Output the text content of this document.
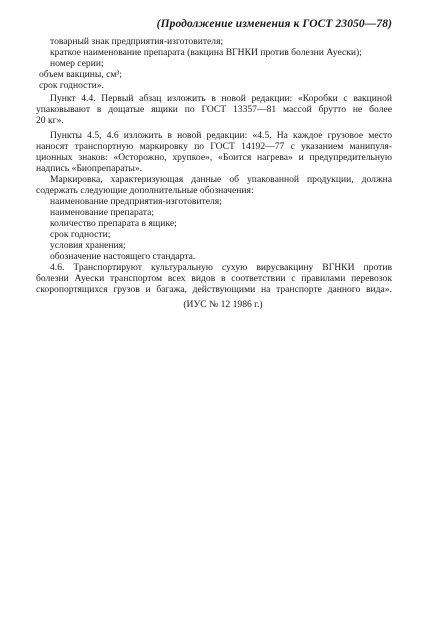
(Продолжение изменения к ГОСТ 23050—78)
товарный знак предприятия-изготовителя;
краткое наименование препарата (вакцина ВГНКИ против болезни Ауески);
номер серии;
объем вакцины, см³;
срок годности».
Пункт 4.4. Первый абзац изложить в новой редакции: «Коробки с вакциной
упаковывают в дощатые ящики по ГОСТ 13357—81 массой брутто не более
20 кг».
Пункты 4.5, 4.6 изложить в новой редакции: «4.5. На каждое грузовое место
наносят транспортную маркировку по ГОСТ 14192—77 с указанием манипуля-
ционных знаков: «Осторожно, хрупкое», «Боится нагрева» и предупредительную
надпись «Биопрепараты».
Маркировка, характеризующая данные об упакованной продукции, должна
содержать следующие дополнительные обозначения:
наименование предприятия-изготовителя;
наименование препарата;
количество препарата в ящике;
срок годности;
условия хранения;
обозначение настоящего стандарта.
4.6. Транспортируют культуральную сухую вирусвакцину ВГНКИ против
болезни Ауески транспортом всех видов в соответствии с правилами перевозок
скоропортящихся грузов и багажа, действующими на транспорте данного вида».
(ИУС № 12 1986 г.)
